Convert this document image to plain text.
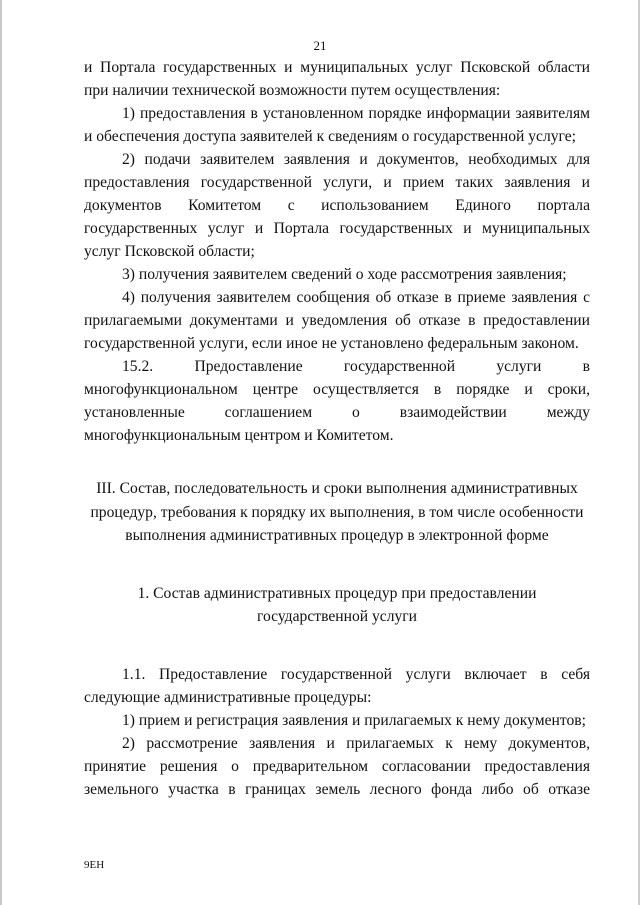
21

и Портала государственных и муниципальных услуг Псковской области при наличии технической возможности путем осуществления:

1) предоставления в установленном порядке информации заявителям и обеспечения доступа заявителей к сведениям о государственной услуге;

2) подачи заявителем заявления и документов, необходимых для предоставления государственной услуги, и прием таких заявления и документов Комитетом с использованием Единого портала государственных услуг и Портала государственных и муниципальных услуг Псковской области;

3) получения заявителем сведений о ходе рассмотрения заявления;

4) получения заявителем сообщения об отказе в приеме заявления с прилагаемыми документами и уведомления об отказе в предоставлении государственной услуги, если иное не установлено федеральным законом.

15.2. Предоставление государственной услуги в многофункциональном центре осуществляется в порядке и сроки, установленные соглашением о взаимодействии между многофункциональным центром и Комитетом.

III. Состав, последовательность и сроки выполнения административных процедур, требования к порядку их выполнения, в том числе особенности выполнения административных процедур в электронной форме

1. Состав административных процедур при предоставлении государственной услуги

1.1. Предоставление государственной услуги включает в себя следующие административные процедуры:

1) прием и регистрация заявления и прилагаемых к нему документов;

2) рассмотрение заявления и прилагаемых к нему документов, принятие решения о предварительном согласовании предоставления земельного участка в границах земель лесного фонда либо об отказе

9ЕН
